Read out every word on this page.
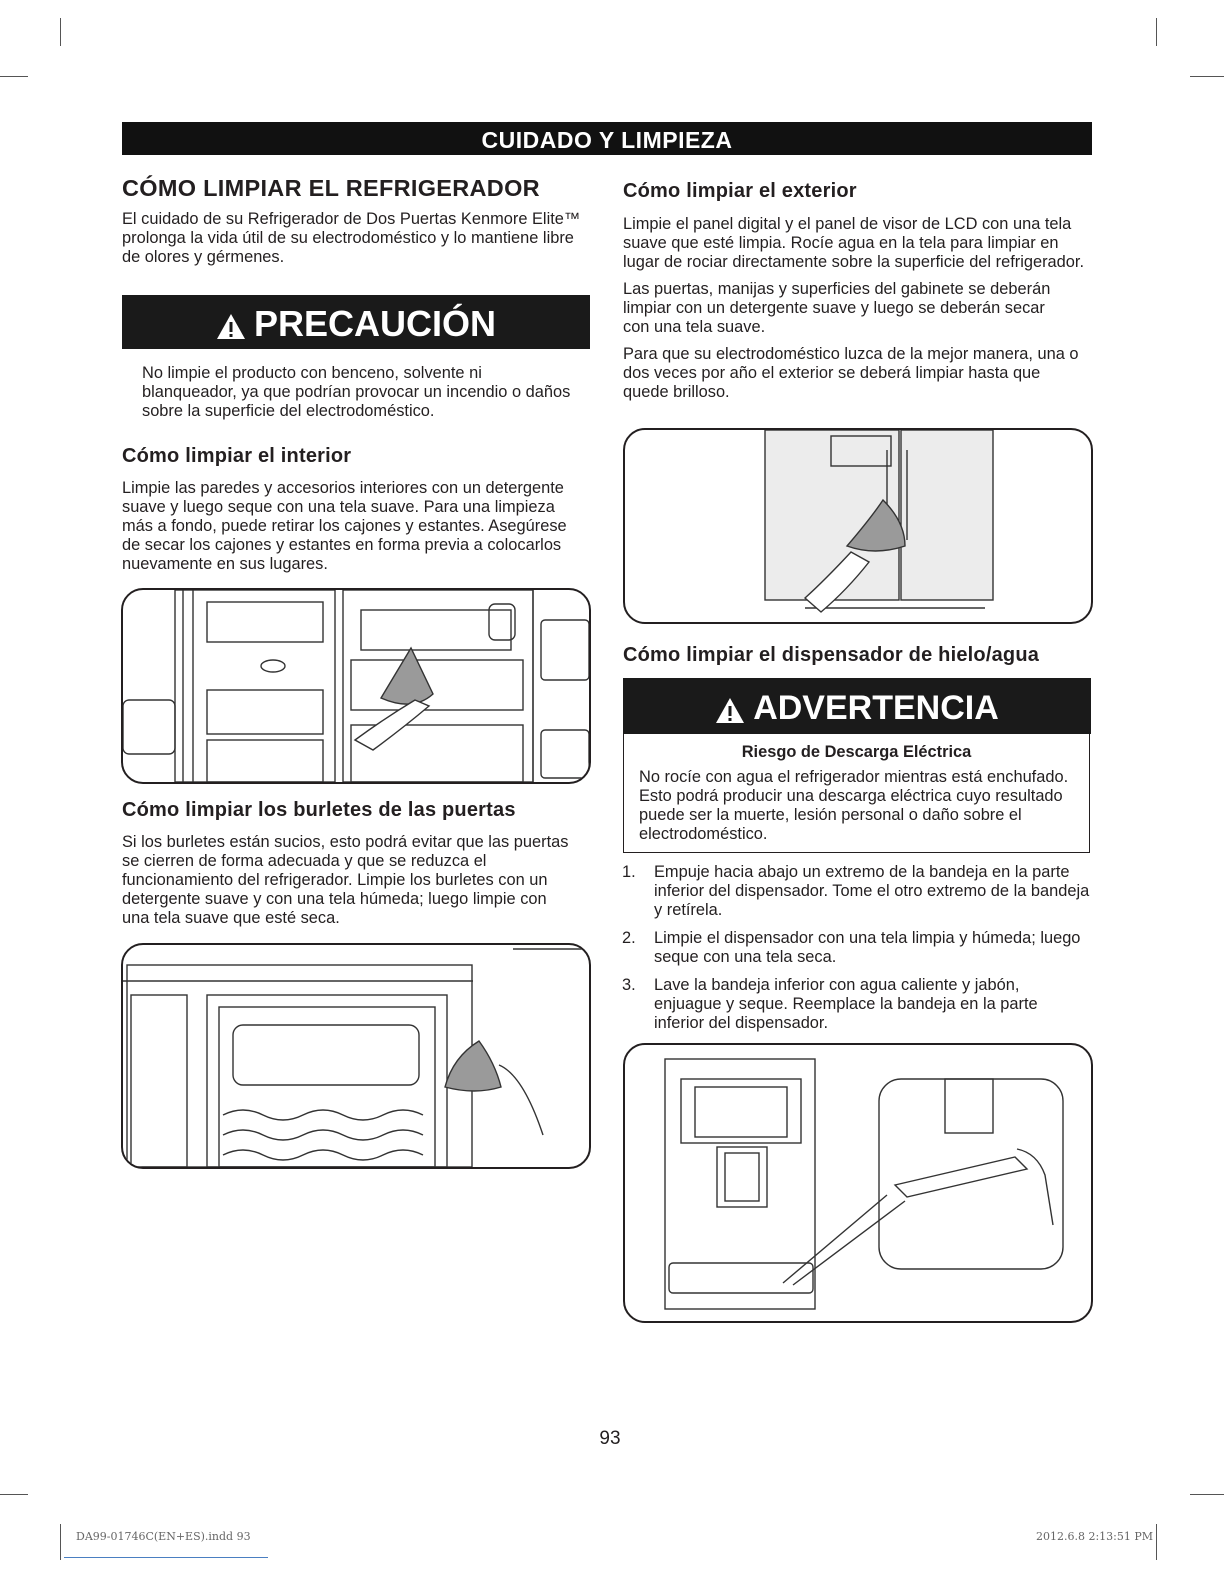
CUIDADO Y LIMPIEZA
CÓMO LIMPIAR EL REFRIGERADOR

El cuidado de su Refrigerador de Dos Puertas Kenmore Elite™ prolonga la vida útil de su electrodoméstico y lo mantiene libre de olores y gérmenes.

PRECAUCIÓN

No limpie el producto con benceno, solvente ni blanqueador, ya que podrían provocar un incendio o daños sobre la superficie del electrodoméstico.

Cómo limpiar el interior

Limpie las paredes y accesorios interiores con un detergente suave y luego seque con una tela suave. Para una limpieza más a fondo, puede retirar los cajones y estantes. Asegúrese de secar los cajones y estantes en forma previa a colocarlos nuevamente en sus lugares.

Cómo limpiar los burletes de las puertas

Si los burletes están sucios, esto podrá evitar que las puertas se cierren de forma adecuada y que se reduzca el funcionamiento del refrigerador. Limpie los burletes con un detergente suave y con una tela húmeda; luego limpie con una tela suave que esté seca.

Cómo limpiar el exterior

Limpie el panel digital y el panel de visor de LCD con una tela suave que esté limpia. Rocíe agua en la tela para limpiar en lugar de rociar directamente sobre la superficie del refrigerador.

Las puertas, manijas y superficies del gabinete se deberán limpiar con un detergente suave y luego se deberán secar con una tela suave.

Para que su electrodoméstico luzca de la mejor manera, una o dos veces por año el exterior se deberá limpiar hasta que quede brilloso.

Cómo limpiar el dispensador de hielo/agua
ADVERTENCIA
Riesgo de Descarga Eléctrica

No rocíe con agua el refrigerador mientras está enchufado. Esto podrá producir una descarga eléctrica cuyo resultado puede ser la muerte, lesión personal o daño sobre el electrodoméstico.

1. Empuje hacia abajo un extremo de la bandeja en la parte inferior del dispensador. Tome el otro extremo de la bandeja y retírela.
2. Limpie el dispensador con una tela limpia y húmeda; luego seque con una tela seca.
3. Lave la bandeja inferior con agua caliente y jabón, enjuague y seque. Reemplace la bandeja en la parte inferior del dispensador.
93
DA99-01746C(EN+ES).indd 93	2012.6.8 2:13:51 PM
